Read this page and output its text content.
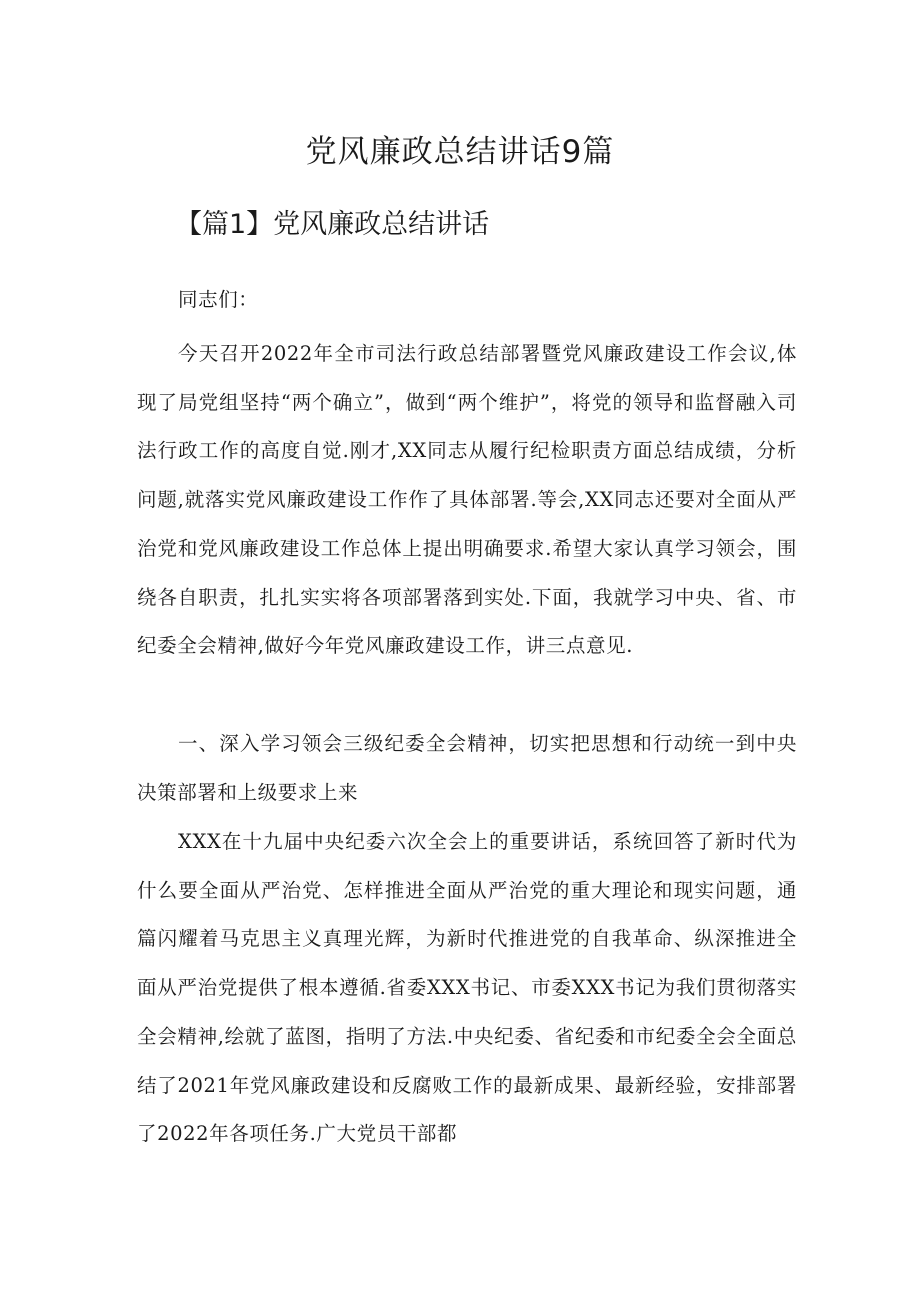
党风廉政总结讲话9篇
【篇1】党风廉政总结讲话

同志们：

今天召开2022年全市司法行政总结部署暨党风廉政建设工作会议,体现了局党组坚持“两个确立”，做到“两个维护”，将党的领导和监督融入司法行政工作的高度自觉.刚才,XX同志从履行纪检职责方面总结成绩，分析问题,就落实党风廉政建设工作作了具体部署.等会,XX同志还要对全面从严治党和党风廉政建设工作总体上提出明确要求.希望大家认真学习领会，围绕各自职责，扎扎实实将各项部署落到实处.下面，我就学习中央、省、市纪委全会精神,做好今年党风廉政建设工作，讲三点意见.

一、深入学习领会三级纪委全会精神，切实把思想和行动统一到中央决策部署和上级要求上来

XXX在十九届中央纪委六次全会上的重要讲话，系统回答了新时代为什么要全面从严治党、怎样推进全面从严治党的重大理论和现实问题，通篇闪耀着马克思主义真理光辉，为新时代推进党的自我革命、纵深推进全面从严治党提供了根本遵循.省委XXX书记、市委XXX书记为我们贯彻落实全会精神,绘就了蓝图，指明了方法.中央纪委、省纪委和市纪委全会全面总结了2021年党风廉政建设和反腐败工作的最新成果、最新经验，安排部署了2022年各项任务.广大党员干部都
